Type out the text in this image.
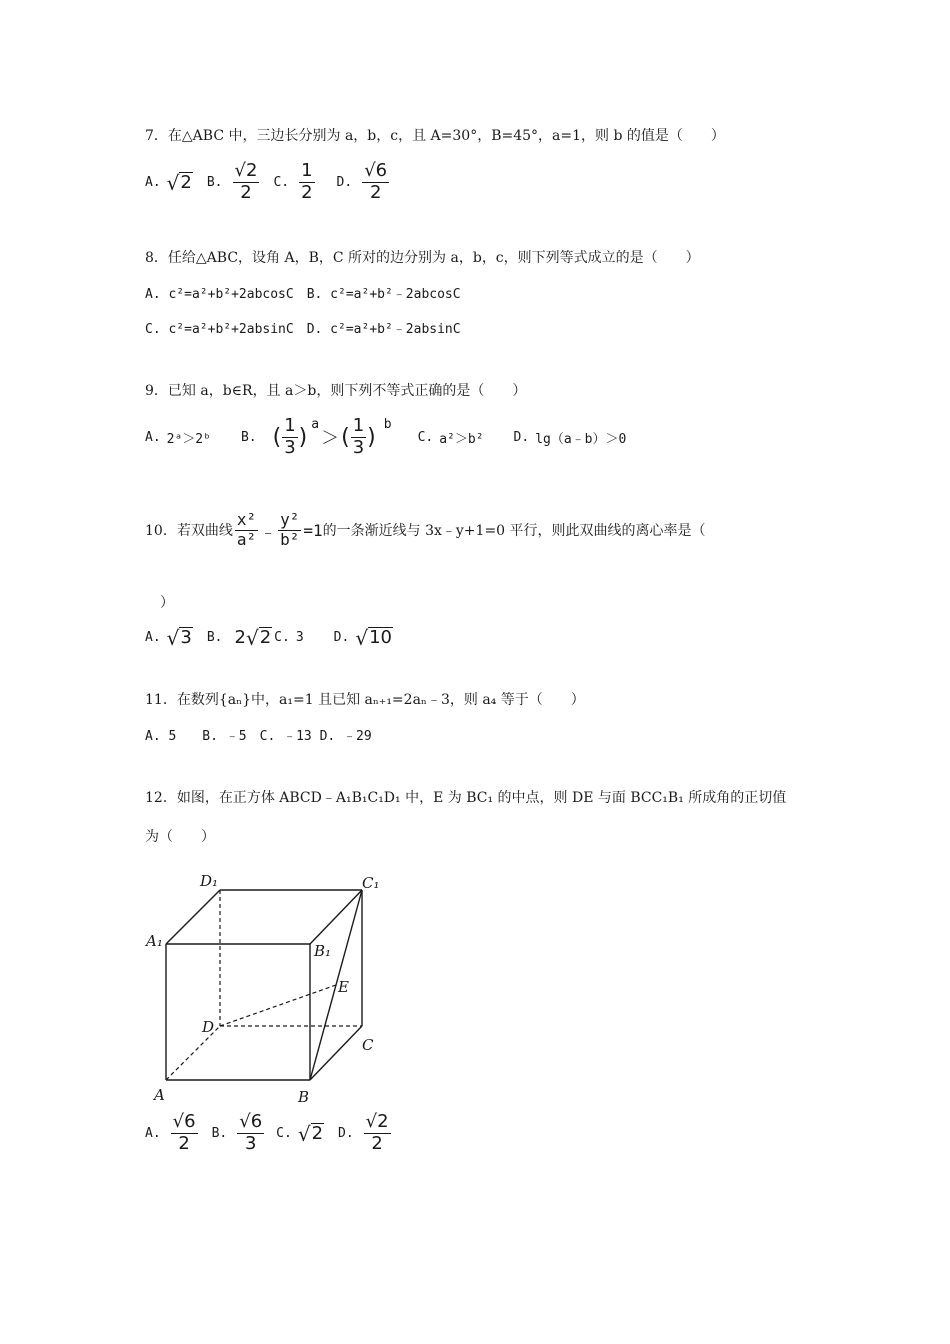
7．在△ABC 中，三边长分别为 a，b，c，且 A=30°，B=45°，a=1，则 b 的值是（　　）
A. √ 2 B. $\frac{√2}{2} C$. $\frac{1}{2} D$. $\frac{√6}{2}$
8．任给△ABC，设角 A，B，C 所对的边分别为 a，b，c，则下列等式成立的是（　　）
A. c²=a²+b²+2abcosC　B. c²=a²+b²﹣2abcosC
C. c²=a²+b²+2absinC　D. c²=a²+b²﹣2absinC
9．已知 a，b∈R，且 a＞b，则下列不等式正确的是（　　）
A. 2ᵃ＞2ᵇ B. ( $\frac{1}{3}$ )
a
＞ ( $\frac{1}{3}$ )
b
C. a²＞b² D. lg（a﹣b）＞0
10．若双曲线 $\frac{\text{x²}}{\text{a²}}$ ﹣ $\frac{\text{y²}}{\text{b²}} =1$ 的一条渐近线与 3x﹣y+1=0 平行，则此双曲线的离心率是（
）
A. √ 3 B. 2 √ 2 C. 3 D. √ 10
11．在数列{aₙ}中，a₁=1 且已知 aₙ₊₁=2aₙ﹣3，则 a₄ 等于（　　）
A. 5　　B. ﹣5　C. ﹣13 D. ﹣29
12．如图，在正方体 ABCD﹣A₁B₁C₁D₁ 中，E 为 BC₁ 的中点，则 DE 与面 BCC₁B₁ 所成角的正切值
为（　　）
D₁	C₁
A₁
B₁
E
D
C
A	B
A. $\frac{√6}{2} B$. $\frac{√6}{3} C$. √ 2 D. $\frac{√2}{2}$
